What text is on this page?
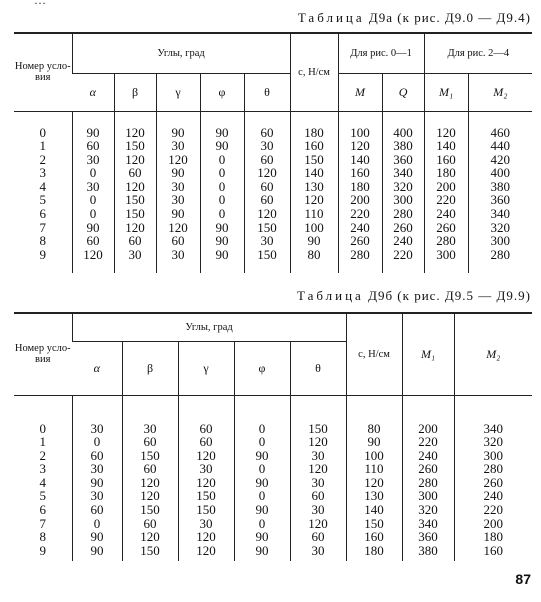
…
Таблица Д9а (к рис. Д9.0 — Д9.4)
Номер усло-вия	Углы, град					c, Н/см	Для рис. 0—1		Для рис. 2—4	
	α	β	γ	φ	θ		M	Q	M₁	M₂

0	90	120	90	90	60	180	100	400	120	460
1	60	150	30	90	30	160	120	380	140	440
2	30	120	120	0	60	150	140	360	160	420
3	0	60	90	0	120	140	160	340	180	400
4	30	120	30	0	60	130	180	320	200	380
5	0	150	30	0	60	120	200	300	220	360
6	0	150	90	0	120	110	220	280	240	340
7	90	120	120	90	150	100	240	260	260	320
8	60	60	60	90	30	90	260	240	280	300
9	120	30	30	90	150	80	280	220	300	280

Таблица Д9б (к рис. Д9.5 — Д9.9)
Номер усло-вия	Углы, град					c, Н/см	M₁	M₂
	α	β	γ	φ	θ			

0	30	30	60	0	150	80	200	340
1	0	60	60	0	120	90	220	320
2	60	150	120	90	30	100	240	300
3	30	60	30	0	120	110	260	280
4	90	120	120	90	30	120	280	260
5	30	120	150	0	60	130	300	240
6	60	150	150	90	30	140	320	220
7	0	60	30	0	120	150	340	200
8	90	120	120	90	60	160	360	180
9	90	150	120	90	30	180	380	160

87
